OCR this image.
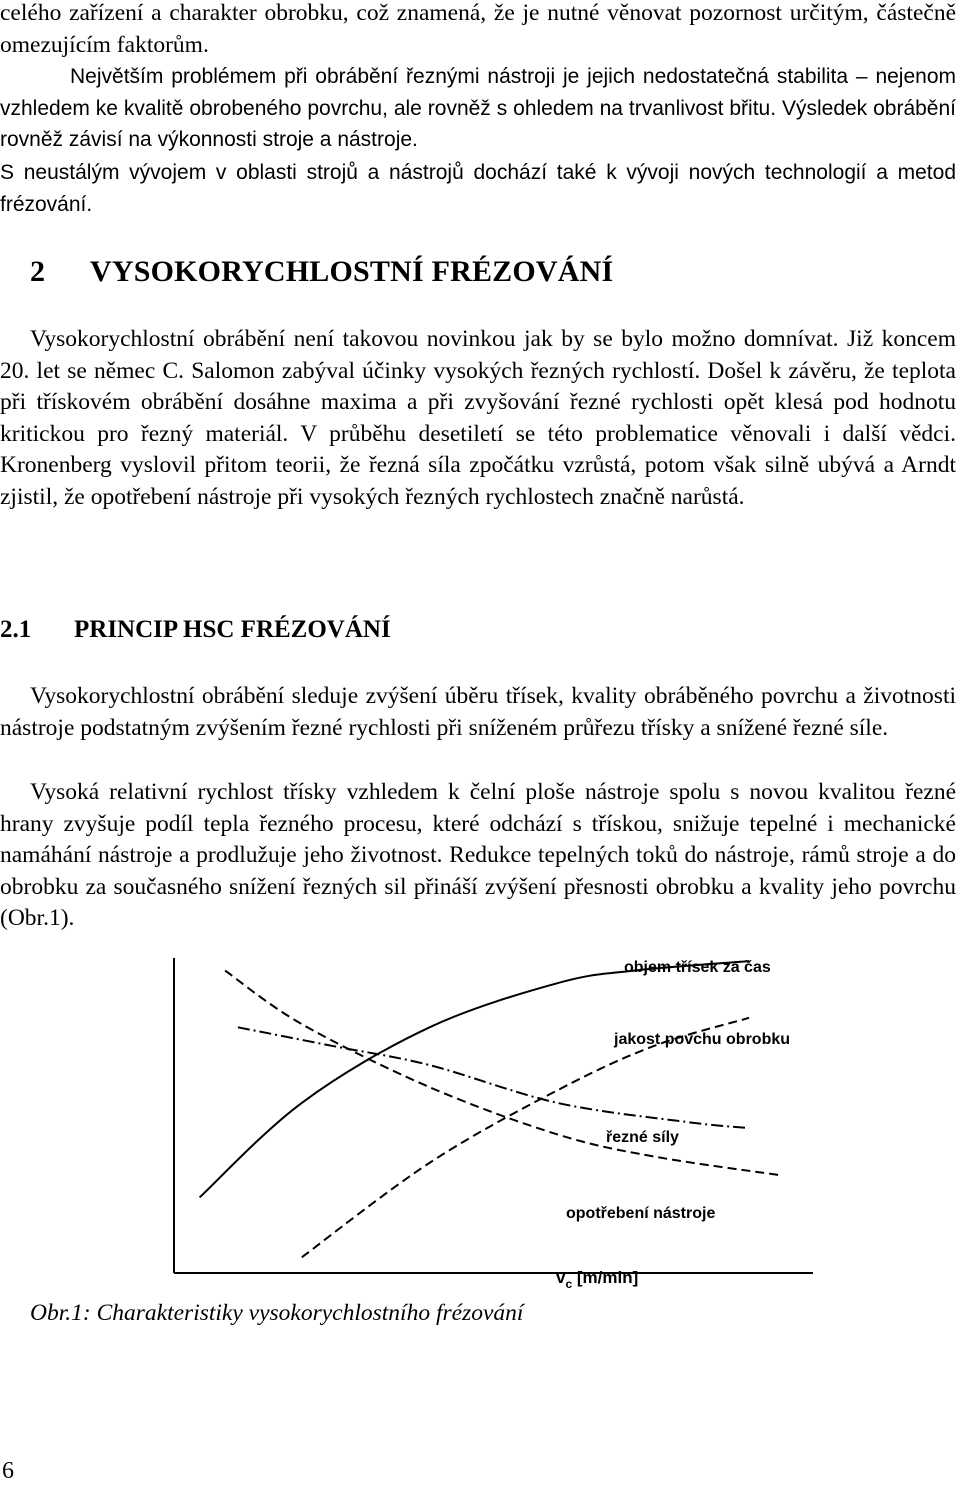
celého zařízení a charakter obrobku, což znamená, že je nutné věnovat pozornost určitým, částečně omezujícím faktorům.

Největším problémem při obrábění řeznými nástroji je jejich nedostatečná stabilita – nejenom vzhledem ke kvalitě obrobeného povrchu, ale rovněž s ohledem na trvanlivost břitu. Výsledek obrábění rovněž závisí na výkonnosti stroje a nástroje.

S neustálým vývojem v oblasti strojů a nástrojů dochází také k vývoji nových technologií a metod frézování.

2 VYSOKORYCHLOSTNÍ FRÉZOVÁNÍ

Vysokorychlostní obrábění není takovou novinkou jak by se bylo možno domnívat. Již koncem 20. let se němec C. Salomon zabýval účinky vysokých řezných rychlostí. Došel k závěru, že teplota při třískovém obrábění dosáhne maxima a při zvyšování řezné rychlosti opět klesá pod hodnotu kritickou pro řezný materiál. V průběhu desetiletí se této problematice věnovali i další vědci. Kronenberg vyslovil přitom teorii, že řezná síla zpočátku vzrůstá, potom však silně ubývá a Arndt zjistil, že opotřebení nástroje při vysokých řezných rychlostech značně narůstá.

2.1 PRINCIP HSC FRÉZOVÁNÍ

Vysokorychlostní obrábění sleduje zvýšení úběru třísek, kvality obráběného povrchu a životnosti nástroje podstatným zvýšením řezné rychlosti při sníženém průřezu třísky a snížené řezné síle.

Vysoká relativní rychlost třísky vzhledem k čelní ploše nástroje spolu s novou kvalitou řezné hrany zvyšuje podíl tepla řezného procesu, které odchází s třískou, snižuje tepelné i mechanické namáhání nástroje a prodlužuje jeho životnost. Redukce tepelných toků do nástroje, rámů stroje a do obrobku za současného snížení řezných sil přináší zvýšení přesnosti obrobku a kvality jeho povrchu (Obr.1).

objem třísek za čas
jakost povchu obrobku
řezné síly
opotřebení nástroje
$v_c$ [m/min]

Obr.1: Charakteristiky vysokorychlostního frézování

6
